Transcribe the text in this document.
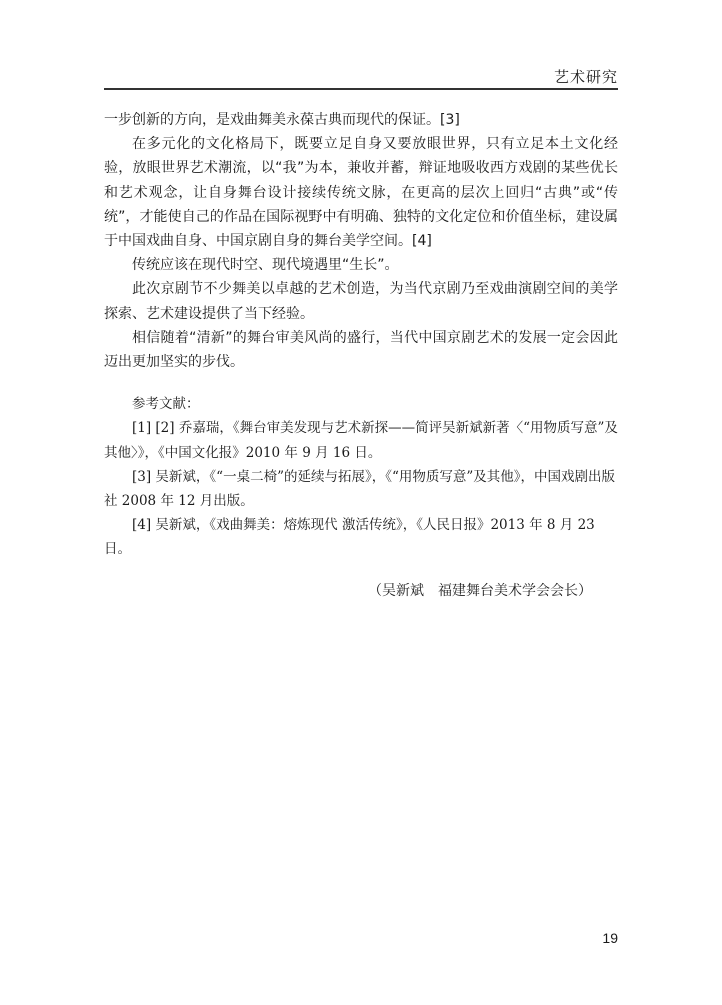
艺术研究

一步创新的方向，是戏曲舞美永葆古典而现代的保证。[3]

在多元化的文化格局下，既要立足自身又要放眼世界，只有立足本土文化经验，放眼世界艺术潮流，以“我”为本，兼收并蓄，辩证地吸收西方戏剧的某些优长和艺术观念，让自身舞台设计接续传统文脉，在更高的层次上回归“古典”或“传统”，才能使自己的作品在国际视野中有明确、独特的文化定位和价值坐标，建设属于中国戏曲自身、中国京剧自身的舞台美学空间。[4]

传统应该在现代时空、现代境遇里“生长”。

此次京剧节不少舞美以卓越的艺术创造，为当代京剧乃至戏曲演剧空间的美学探索、艺术建设提供了当下经验。

相信随着“清新”的舞台审美风尚的盛行，当代中国京剧艺术的发展一定会因此迈出更加坚实的步伐。

参考文献：

[1] [2] 乔嘉瑞，《舞台审美发现与艺术新探——简评吴新斌新著〈“用物质写意”及其他〉》，《中国文化报》2010 年 9 月 16 日。

[3] 吴新斌，《“一桌二椅”的延续与拓展》，《“用物质写意”及其他》，中国戏剧出版社 2008 年 12 月出版。

[4] 吴新斌，《戏曲舞美：熔炼现代 激活传统》，《人民日报》2013 年 8 月 23 日。

（吴新斌　福建舞台美术学会会长）
19
